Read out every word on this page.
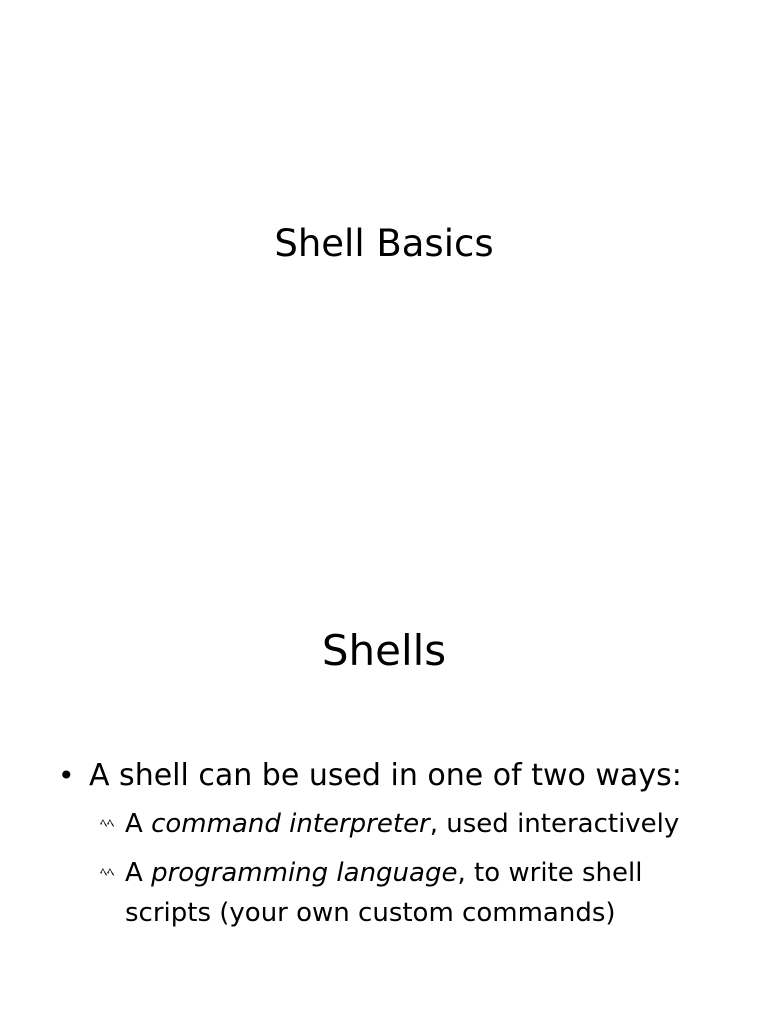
Shell Basics
Shells
• A shell can be used in one of two ways:
ﾍﾍ A command interpreter, used interactively
ﾍﾍ A programming language, to write shell scripts (your own custom commands)
